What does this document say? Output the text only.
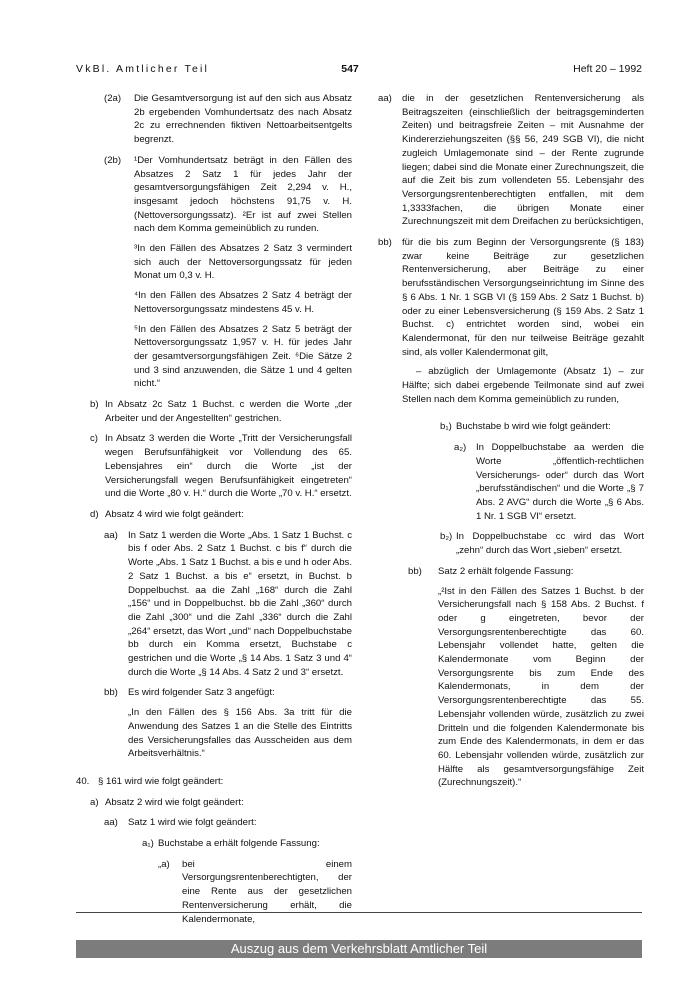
VkBl. Amtlicher Teil	547	Heft 20 – 1992
(2a)	Die Gesamtversorgung ist auf den sich aus Absatz 2b ergebenden Vomhundertsatz des nach Absatz 2c zu errechnenden fiktiven Nettoarbeitsentgelts begrenzt.
(2b)	¹Der Vomhundertsatz beträgt in den Fällen des Absatzes 2 Satz 1 für jedes Jahr der gesamtversorgungsfähigen Zeit 2,294 v. H., insgesamt jedoch höchstens 91,75 v. H. (Nettoversorgungssatz). ²Er ist auf zwei Stellen nach dem Komma gemeinüblich zu runden.
³In den Fällen des Absatzes 2 Satz 3 vermindert sich auch der Nettoversorgungssatz für jeden Monat um 0,3 v. H.
⁴In den Fällen des Absatzes 2 Satz 4 beträgt der Nettoversorgungssatz mindestens 45 v. H.
⁵In den Fällen des Absatzes 2 Satz 5 beträgt der Nettoversorgungssatz 1,957 v. H. für jedes Jahr der gesamtversorgungsfähigen Zeit. ⁶Die Sätze 2 und 3 sind anzuwenden, die Sätze 1 und 4 gelten nicht.“
b) In Absatz 2c Satz 1 Buchst. c werden die Worte „der Arbeiter und der Angestellten“ gestrichen.
c) In Absatz 3 werden die Worte „Tritt der Versicherungsfall wegen Berufsunfähigkeit vor Vollendung des 65. Lebensjahres ein“ durch die Worte „ist der Versicherungsfall wegen Berufsunfähigkeit eingetreten“ und die Worte „80 v. H.“ durch die Worte „70 v. H.“ ersetzt.
d) Absatz 4 wird wie folgt geändert:
aa)	In Satz 1 werden die Worte „Abs. 1 Satz 1 Buchst. c bis f oder Abs. 2 Satz 1 Buchst. c bis f“ durch die Worte „Abs. 1 Satz 1 Buchst. a bis e und h oder Abs. 2 Satz 1 Buchst. a bis e“ ersetzt, in Buchst. b Doppelbuchst. aa die Zahl „168“ durch die Zahl „156“ und in Doppelbuchst. bb die Zahl „360“ durch die Zahl „300“ und die Zahl „336“ durch die Zahl „264“ ersetzt, das Wort „und“ nach Doppelbuchstabe bb durch ein Komma ersetzt, Buchstabe c gestrichen und die Worte „§ 14 Abs. 1 Satz 3 und 4“ durch die Worte „§ 14 Abs. 4 Satz 2 und 3“ ersetzt.
bb)	Es wird folgender Satz 3 angefügt:
„In den Fällen des § 156 Abs. 3a tritt für die Anwendung des Satzes 1 an die Stelle des Eintritts des Versicherungsfalles das Ausscheiden aus dem Arbeitsverhältnis.“
40. § 161 wird wie folgt geändert:
a) Absatz 2 wird wie folgt geändert:
aa)	Satz 1 wird wie folgt geändert:
a₁) Buchstabe a erhält folgende Fassung:
„a)	bei einem Versorgungsrentenberechtigten, der eine Rente aus der gesetzlichen Rentenversicherung erhält, die Kalendermonate,
aa)	die in der gesetzlichen Rentenversicherung als Beitragszeiten (einschließlich der beitragsgeminderten Zeiten) und beitragsfreie Zeiten – mit Ausnahme der Kindererziehungszeiten (§§ 56, 249 SGB VI), die nicht zugleich Umlagemonate sind – der Rente zugrunde liegen; dabei sind die Monate einer Zurechnungszeit, die auf die Zeit bis zum vollendeten 55. Lebensjahr des Versorgungsrentenberechtigten entfallen, mit dem 1,3333fachen, die übrigen Monate einer Zurechnungszeit mit dem Dreifachen zu berücksichtigen,
bb)	für die bis zum Beginn der Versorgungsrente (§ 183) zwar keine Beiträge zur gesetzlichen Rentenversicherung, aber Beiträge zu einer berufsständischen Versorgungseinrichtung im Sinne des § 6 Abs. 1 Nr. 1 SGB VI (§ 159 Abs. 2 Satz 1 Buchst. b) oder zu einer Lebensversicherung (§ 159 Abs. 2 Satz 1 Buchst. c) entrichtet worden sind, wobei ein Kalendermonat, für den nur teilweise Beiträge gezahlt sind, als voller Kalendermonat gilt,
– abzüglich der Umlagemonte (Absatz 1) – zur Hälfte; sich dabei ergebende Teilmonate sind auf zwei Stellen nach dem Komma gemeinüblich zu runden,
b₁) Buchstabe b wird wie folgt geändert:
a₂)	In Doppelbuchstabe aa werden die Worte „öffentlich-rechtlichen Versicherungs- oder“ durch das Wort „berufsständischen“ und die Worte „§ 7 Abs. 2 AVG“ durch die Worte „§ 6 Abs. 1 Nr. 1 SGB VI“ ersetzt.
b₂) In Doppelbuchstabe cc wird das Wort „zehn“ durch das Wort „sieben“ ersetzt.
bb)	Satz 2 erhält folgende Fassung:
„²Ist in den Fällen des Satzes 1 Buchst. b der Versicherungsfall nach § 158 Abs. 2 Buchst. f oder g eingetreten, bevor der Versorgungsrentenberechtigte das 60. Lebensjahr vollendet hatte, gelten die Kalendermonate vom Beginn der Versorgungsrente bis zum Ende des Kalendermonats, in dem der Versorgungsrentenberechtigte das 55. Lebensjahr vollenden würde, zusätzlich zu zwei Dritteln und die folgenden Kalendermonate bis zum Ende des Kalendermonats, in dem er das 60. Lebensjahr vollenden würde, zusätzlich zur Hälfte als gesamtversorgungsfähige Zeit (Zurechnungszeit).“
Auszug aus dem Verkehrsblatt Amtlicher Teil
